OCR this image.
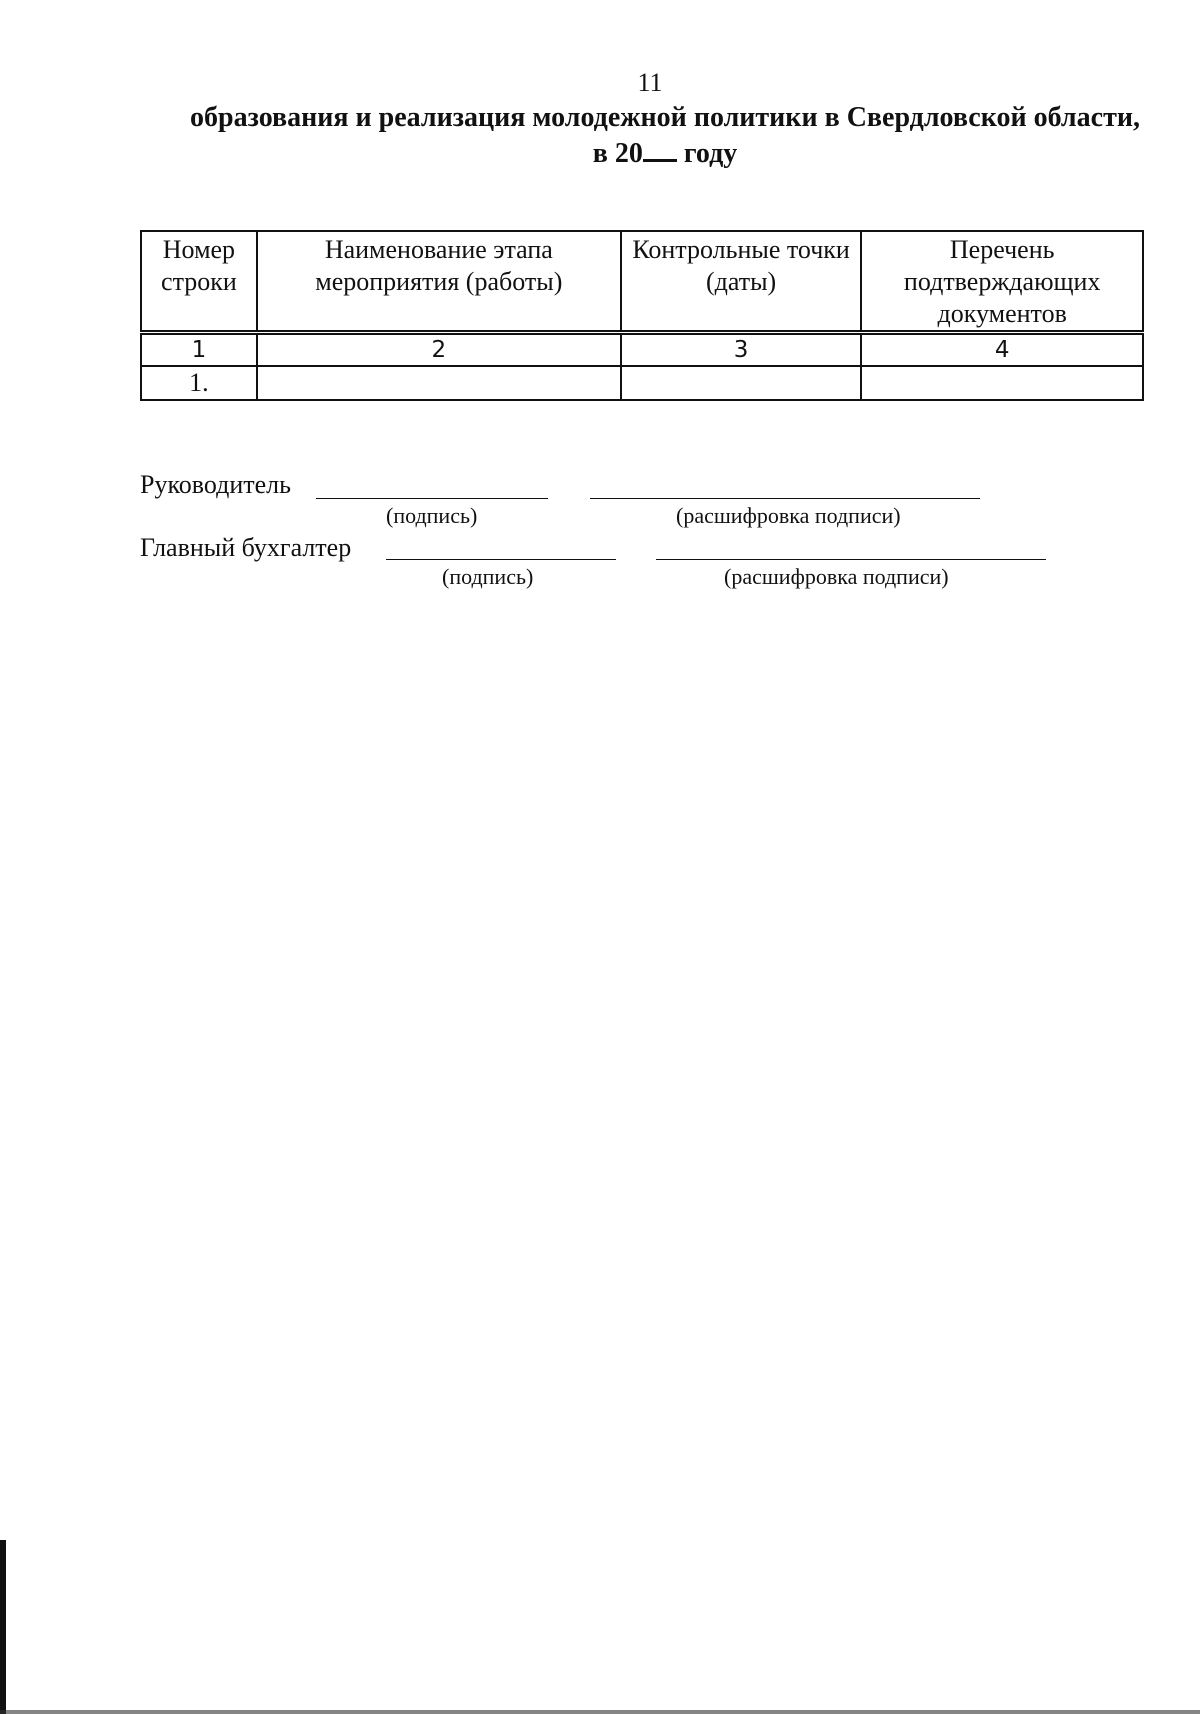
11
образования и реализация молодежной политики в Свердловской области,
в 20 году
Номер строки	Наименование этапа мероприятия (работы)	Контрольные точки (даты)	Перечень подтверждающих документов
1	2	3	4
1.			
Руководитель
(подпись)	(расшифровка подписи)
Главный бухгалтер
(подпись)	(расшифровка подписи)
